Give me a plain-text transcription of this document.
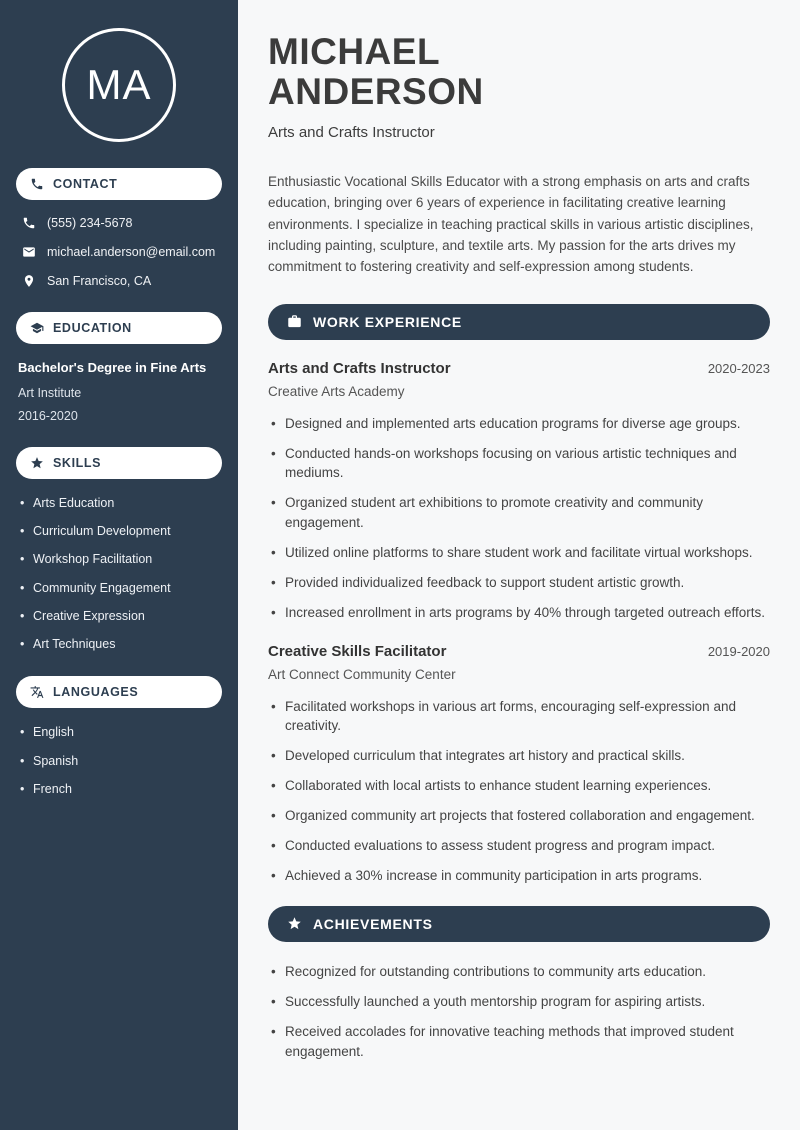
MA
CONTACT
(555) 234-5678
michael.anderson@email.com
San Francisco, CA
EDUCATION
Bachelor's Degree in Fine Arts
Art Institute
2016-2020
SKILLS
• Arts Education
• Curriculum Development
• Workshop Facilitation
• Community Engagement
• Creative Expression
• Art Techniques
LANGUAGES
• English
• Spanish
• French
MICHAEL ANDERSON
Arts and Crafts Instructor

Enthusiastic Vocational Skills Educator with a strong emphasis on arts and crafts education, bringing over 6 years of experience in facilitating creative learning environments. I specialize in teaching practical skills in various artistic disciplines, including painting, sculpture, and textile arts. My passion for the arts drives my commitment to fostering creativity and self-expression among students.

WORK EXPERIENCE
Arts and Crafts Instructor	2020-2023
Creative Arts Academy
• Designed and implemented arts education programs for diverse age groups.
• Conducted hands-on workshops focusing on various artistic techniques and mediums.
• Organized student art exhibitions to promote creativity and community engagement.
• Utilized online platforms to share student work and facilitate virtual workshops.
• Provided individualized feedback to support student artistic growth.
• Increased enrollment in arts programs by 40% through targeted outreach efforts.
Creative Skills Facilitator	2019-2020
Art Connect Community Center
• Facilitated workshops in various art forms, encouraging self-expression and creativity.
• Developed curriculum that integrates art history and practical skills.
• Collaborated with local artists to enhance student learning experiences.
• Organized community art projects that fostered collaboration and engagement.
• Conducted evaluations to assess student progress and program impact.
• Achieved a 30% increase in community participation in arts programs.
ACHIEVEMENTS
• Recognized for outstanding contributions to community arts education.
• Successfully launched a youth mentorship program for aspiring artists.
• Received accolades for innovative teaching methods that improved student engagement.
